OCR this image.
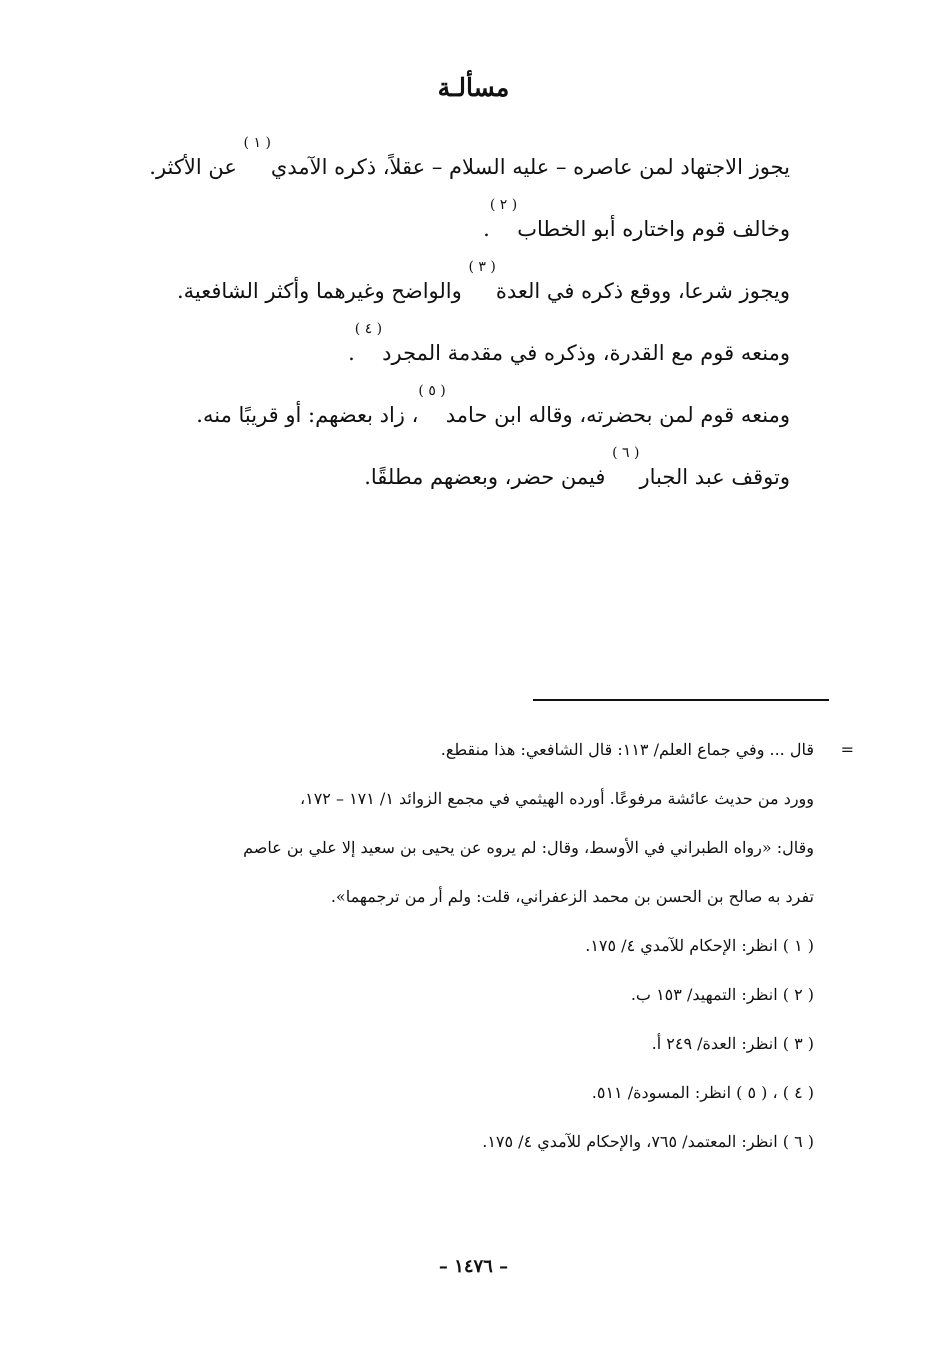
مسألـة

يجوز الاجتهاد لمن عاصره – عليه السلام – عقلاً، ذكره الآمدي$^{( ١ )}$ عن الأكثر.

وخالف قوم واختاره أبو الخطاب$^{( ٢ )}$.

ويجوز شرعا، ووقع ذكره في العدة$^{( ٣ )}$ والواضح وغيرهما وأكثر الشافعية.

ومنعه قوم مع القدرة، وذكره في مقدمة المجرد$^{( ٤ )}$.

ومنعه قوم لمن بحضرته، وقاله ابن حامد$^{( ٥ )}$، زاد بعضهم: أو قريبًا منه.

وتوقف عبد الجبار$^{( ٦ )}$ فيمن حضر، وبعضهم مطلقًا.

=

قال ... وفي جماع العلم/ ١١٣: قال الشافعي: هذا منقطع.

وورد من حديث عائشة مرفوعًا. أورده الهيثمي في مجمع الزوائد ١/ ١٧١ – ١٧٢،

وقال: «رواه الطبراني في الأوسط، وقال: لم يروه عن يحيى بن سعيد إلا علي بن عاصم

تفرد به صالح بن الحسن بن محمد الزعفراني، قلت: ولم أر من ترجمهما».

( ١ ) انظر: الإحكام للآمدي ٤/ ١٧٥.

( ٢ ) انظر: التمهيد/ ١٥٣ ب.

( ٣ ) انظر: العدة/ ٢٤٩ أ.

( ٤ ) ، ( ٥ ) انظر: المسودة/ ٥١١.

( ٦ ) انظر: المعتمد/ ٧٦٥، والإحكام للآمدي ٤/ ١٧٥.

– ١٤٧٦ –
